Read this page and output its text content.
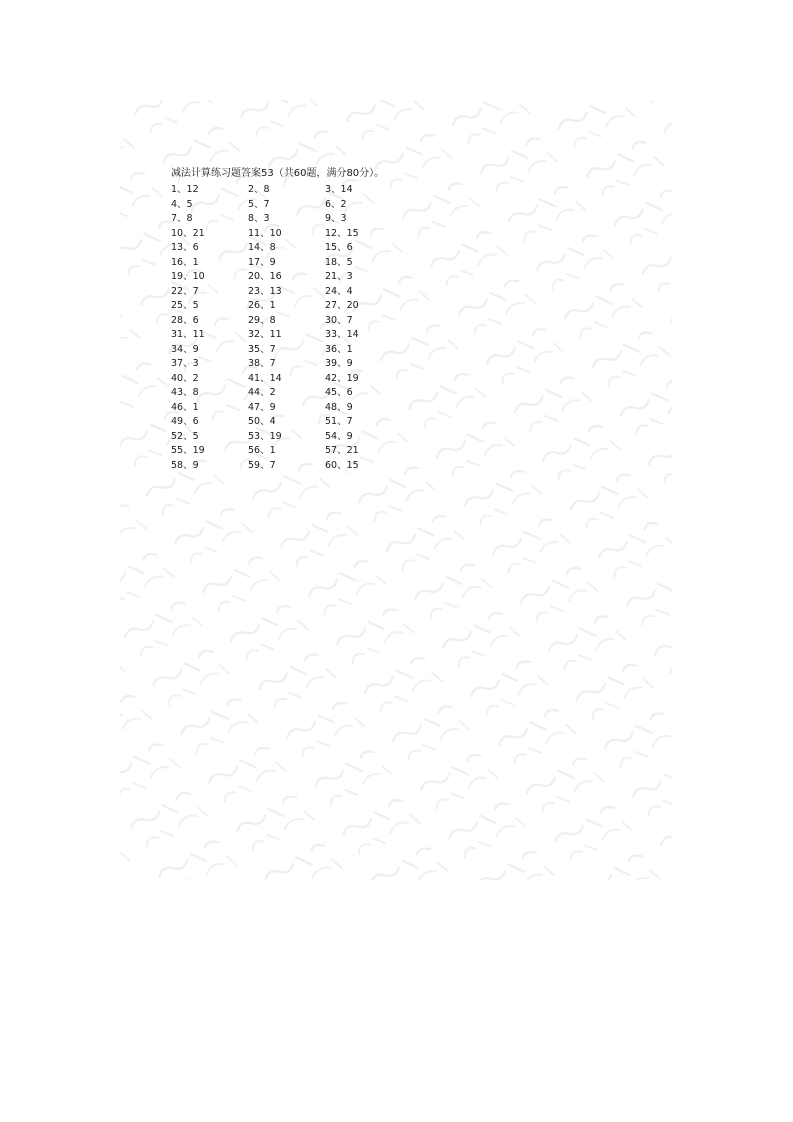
减法计算练习题答案53（共60题，满分80分）。
1、12	2、8	3、14
4、5	5、7	6、2
7、8	8、3	9、3
10、21	11、10	12、15
13、6	14、8	15、6
16、1	17、9	18、5
19、10	20、16	21、3
22、7	23、13	24、4
25、5	26、1	27、20
28、6	29、8	30、7
31、11	32、11	33、14
34、9	35、7	36、1
37、3	38、7	39、9
40、2	41、14	42、19
43、8	44、2	45、6
46、1	47、9	48、9
49、6	50、4	51、7
52、5	53、19	54、9
55、19	56、1	57、21
58、9	59、7	60、15
